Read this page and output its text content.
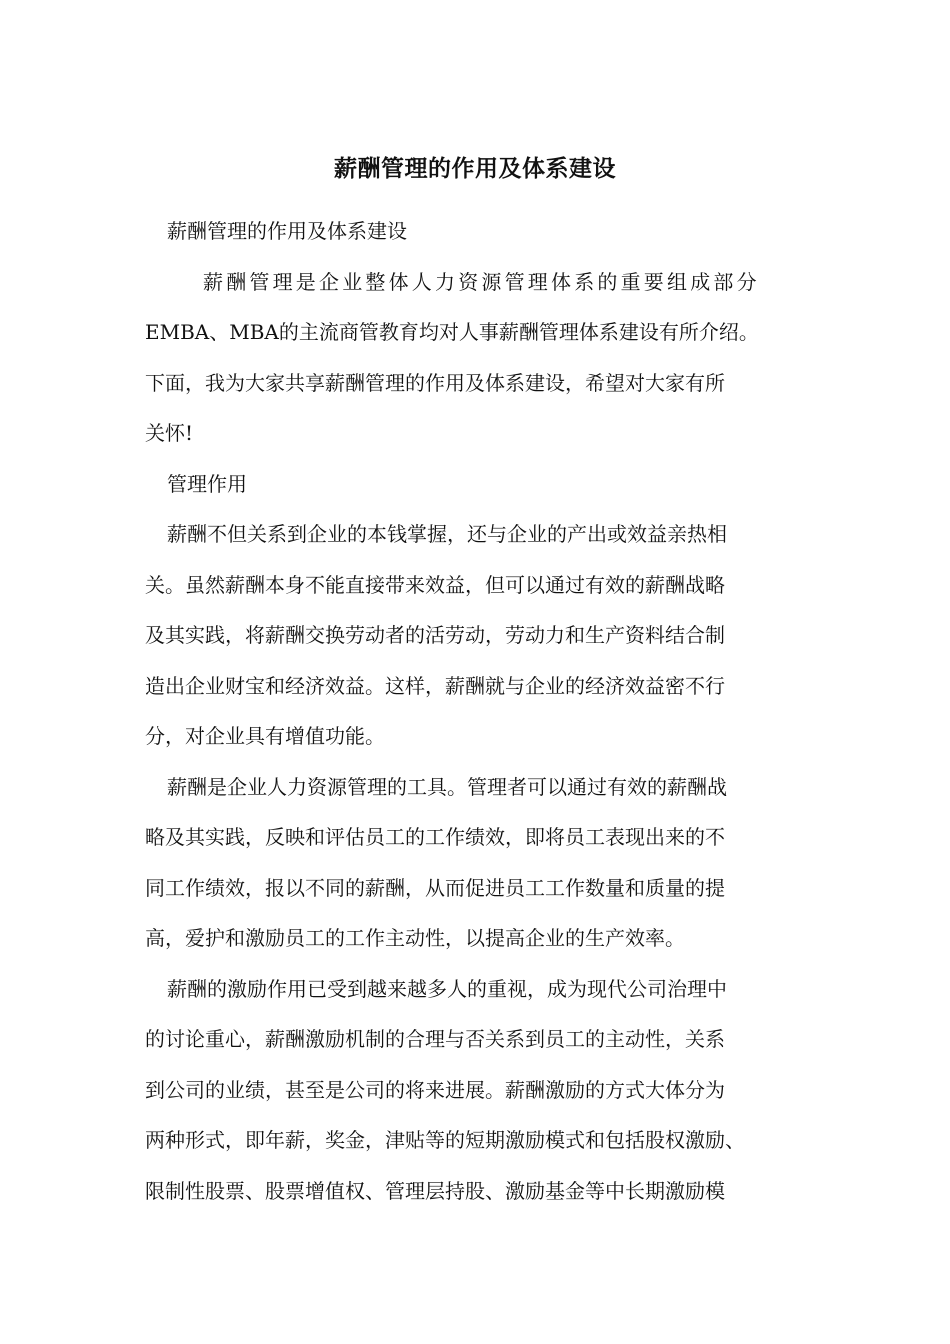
薪酬管理的作用及体系建设

薪酬管理的作用及体系建设

薪酬管理是企业整体人力资源管理体系的重要组成部分

EMBA、MBA的主流商管教育均对人事薪酬管理体系建设有所介绍。

下面，我为大家共享薪酬管理的作用及体系建设，希望对大家有所

关怀!

管理作用

薪酬不但关系到企业的本钱掌握，还与企业的产出或效益亲热相

关。虽然薪酬本身不能直接带来效益，但可以通过有效的薪酬战略

及其实践，将薪酬交换劳动者的活劳动，劳动力和生产资料结合制

造出企业财宝和经济效益。这样，薪酬就与企业的经济效益密不行

分，对企业具有增值功能。

薪酬是企业人力资源管理的工具。管理者可以通过有效的薪酬战

略及其实践，反映和评估员工的工作绩效，即将员工表现出来的不

同工作绩效，报以不同的薪酬，从而促进员工工作数量和质量的提

高，爱护和激励员工的工作主动性，以提高企业的生产效率。

薪酬的激励作用已受到越来越多人的重视，成为现代公司治理中

的讨论重心，薪酬激励机制的合理与否关系到员工的主动性，关系

到公司的业绩，甚至是公司的将来进展。薪酬激励的方式大体分为

两种形式，即年薪，奖金，津贴等的短期激励模式和包括股权激励、

限制性股票、股票增值权、管理层持股、激励基金等中长期激励模
